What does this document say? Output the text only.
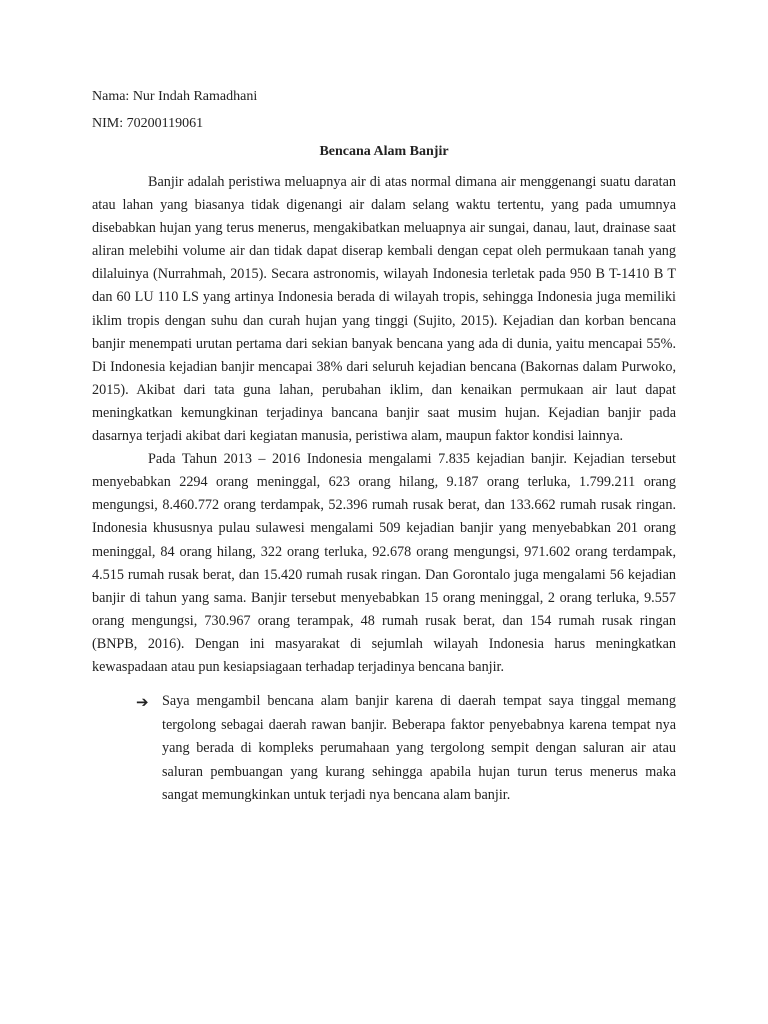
Nama: Nur Indah Ramadhani
NIM: 70200119061
Bencana Alam Banjir

Banjir adalah peristiwa meluapnya air di atas normal dimana air menggenangi suatu daratan atau lahan yang biasanya tidak digenangi air dalam selang waktu tertentu, yang pada umumnya disebabkan hujan yang terus menerus, mengakibatkan meluapnya air sungai, danau, laut, drainase saat aliran melebihi volume air dan tidak dapat diserap kembali dengan cepat oleh permukaan tanah yang dilaluinya (Nurrahmah, 2015). Secara astronomis, wilayah Indonesia terletak pada 950 B T-1410 B T dan 60 LU 110 LS yang artinya Indonesia berada di wilayah tropis, sehingga Indonesia juga memiliki iklim tropis dengan suhu dan curah hujan yang tinggi (Sujito, 2015). Kejadian dan korban bencana banjir menempati urutan pertama dari sekian banyak bencana yang ada di dunia, yaitu mencapai 55%. Di Indonesia kejadian banjir mencapai 38% dari seluruh kejadian bencana (Bakornas dalam Purwoko, 2015). Akibat dari tata guna lahan, perubahan iklim, dan kenaikan permukaan air laut dapat meningkatkan kemungkinan terjadinya bancana banjir saat musim hujan. Kejadian banjir pada dasarnya terjadi akibat dari kegiatan manusia, peristiwa alam, maupun faktor kondisi lainnya.

Pada Tahun 2013 – 2016 Indonesia mengalami 7.835 kejadian banjir. Kejadian tersebut menyebabkan 2294 orang meninggal, 623 orang hilang, 9.187 orang terluka, 1.799.211 orang mengungsi, 8.460.772 orang terdampak, 52.396 rumah rusak berat, dan 133.662 rumah rusak ringan. Indonesia khususnya pulau sulawesi mengalami 509 kejadian banjir yang menyebabkan 201 orang meninggal, 84 orang hilang, 322 orang terluka, 92.678 orang mengungsi, 971.602 orang terdampak, 4.515 rumah rusak berat, dan 15.420 rumah rusak ringan. Dan Gorontalo juga mengalami 56 kejadian banjir di tahun yang sama. Banjir tersebut menyebabkan 15 orang meninggal, 2 orang terluka, 9.557 orang mengungsi, 730.967 orang terampak, 48 rumah rusak berat, dan 154 rumah rusak ringan (BNPB, 2016). Dengan ini masyarakat di sejumlah wilayah Indonesia harus meningkatkan kewaspadaan atau pun kesiapsiagaan terhadap terjadinya bencana banjir.

➔ Saya mengambil bencana alam banjir karena di daerah tempat saya tinggal memang tergolong sebagai daerah rawan banjir. Beberapa faktor penyebabnya karena tempat nya yang berada di kompleks perumahaan yang tergolong sempit dengan saluran air atau saluran pembuangan yang kurang sehingga apabila hujan turun terus menerus maka sangat memungkinkan untuk terjadi nya bencana alam banjir.
